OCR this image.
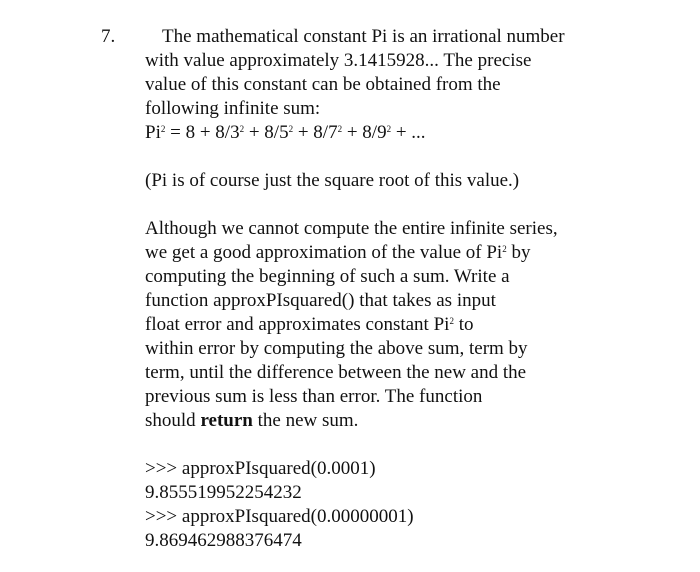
7.	The mathematical constant Pi is an irrational number
with value approximately 3.1415928... The precise
value of this constant can be obtained from the
following infinite sum:
$Pi^2 = 8 + 8/3^2 + 8/5^2 + 8/7^2 + 8/9^2$ + ...
(Pi is of course just the square root of this value.)
Although we cannot compute the entire infinite series,
we get a good approximation of the value of Pi$^2$ by
computing the beginning of such a sum. Write a
function approxPIsquared() that takes as input
float error and approximates constant Pi$^2$ to
within error by computing the above sum, term by
term, until the difference between the new and the
previous sum is less than error. The function
should return the new sum.
>>> approxPIsquared(0.0001)
9.855519952254232
>>> approxPIsquared(0.00000001)
9.869462988376474
